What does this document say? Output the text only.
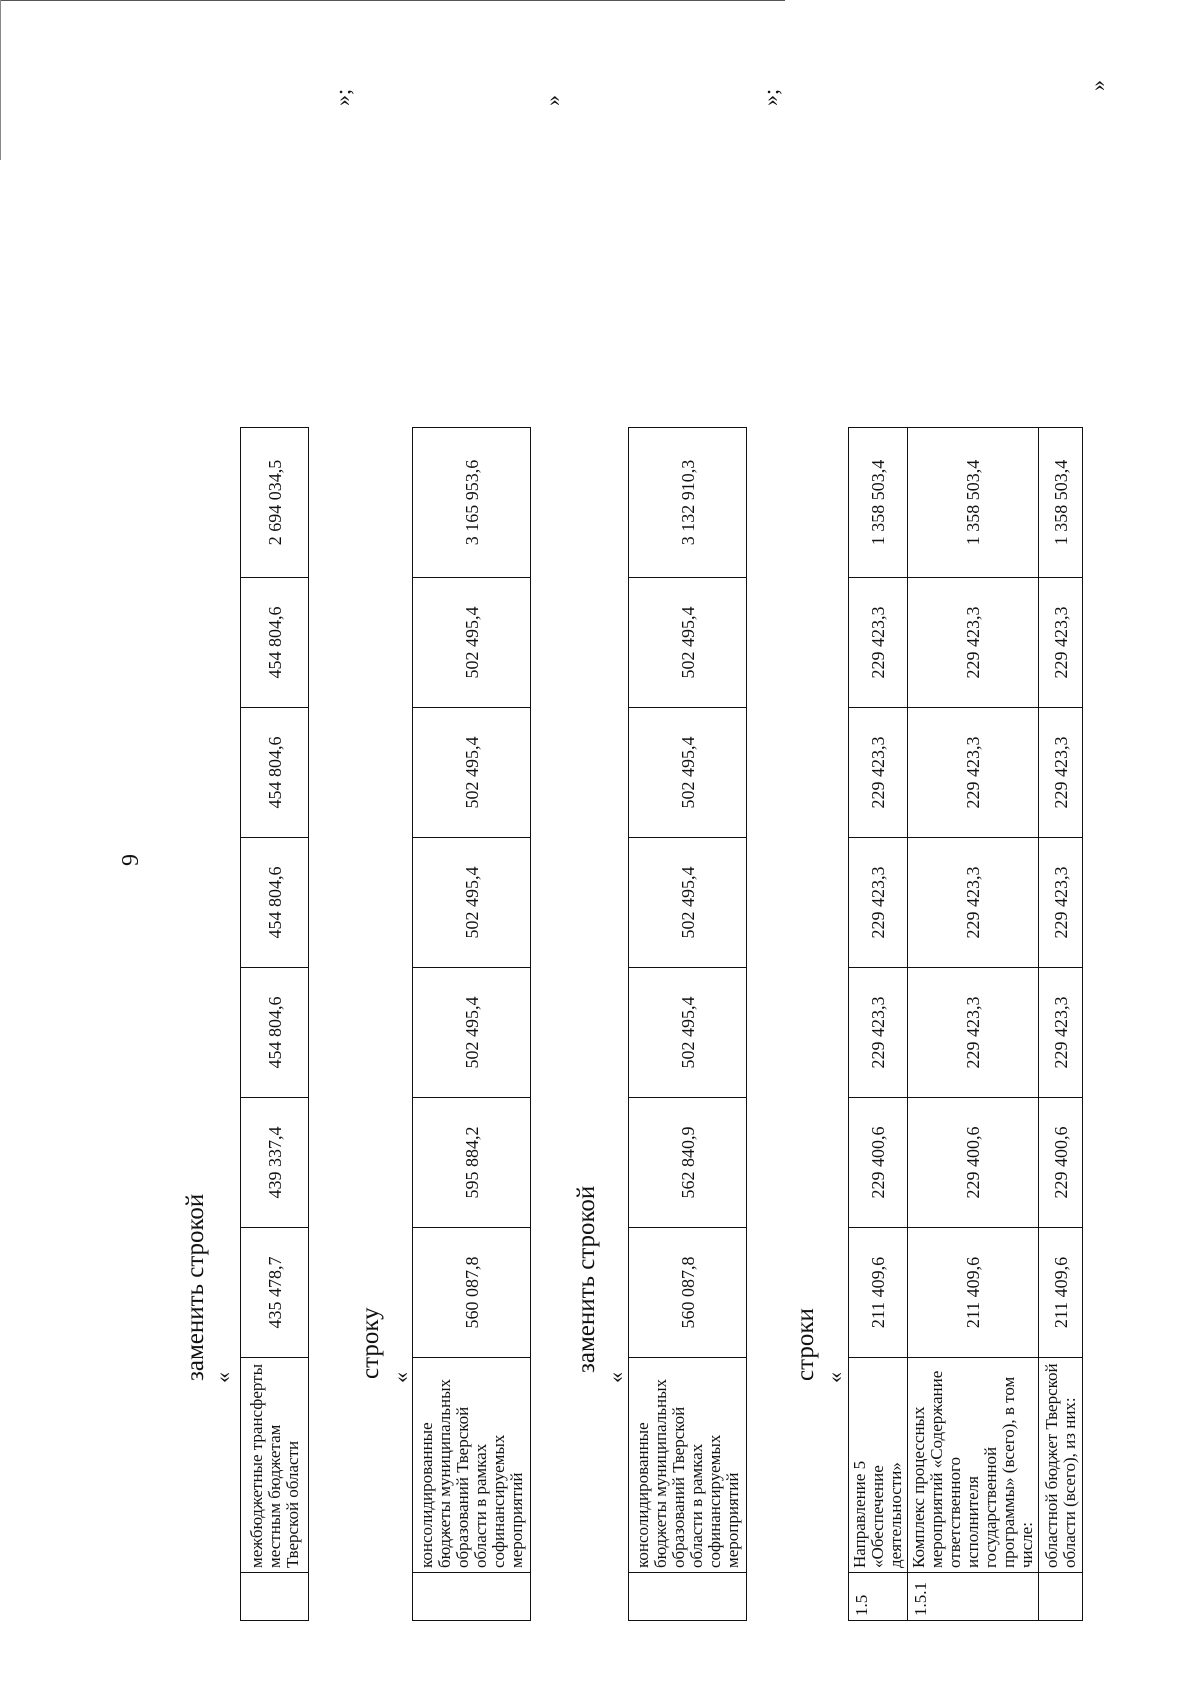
9
заменить строкой «
	межбюджетные трансферты местным бюджетам Тверской области	435 478,7	439 337,4	454 804,6	454 804,6	454 804,6	454 804,6	2 694 034,5
»;
строку «
	консолидированные бюджеты муниципальных образований Тверской области в рамках софинансируемых мероприятий	560 087,8	595 884,2	502 495,4	502 495,4	502 495,4	502 495,4	3 165 953,6
»
заменить строкой
«
	консолидированные бюджеты муниципальных образований Тверской области в рамках софинансируемых мероприятий	560 087,8	562 840,9	502 495,4	502 495,4	502 495,4	502 495,4	3 132 910,3
»;
строки «
1.5	Направление 5 «Обеспечение деятельности»	211 409,6	229 400,6	229 423,3	229 423,3	229 423,3	229 423,3	1 358 503,4
1.5.1	Комплекс процессных мероприятий «Содержание ответственного исполнителя государственной программы» (всего), в том числе:	211 409,6	229 400,6	229 423,3	229 423,3	229 423,3	229 423,3	1 358 503,4
	областной бюджет Тверской области (всего), из них:	211 409,6	229 400,6	229 423,3	229 423,3	229 423,3	229 423,3	1 358 503,4
»
